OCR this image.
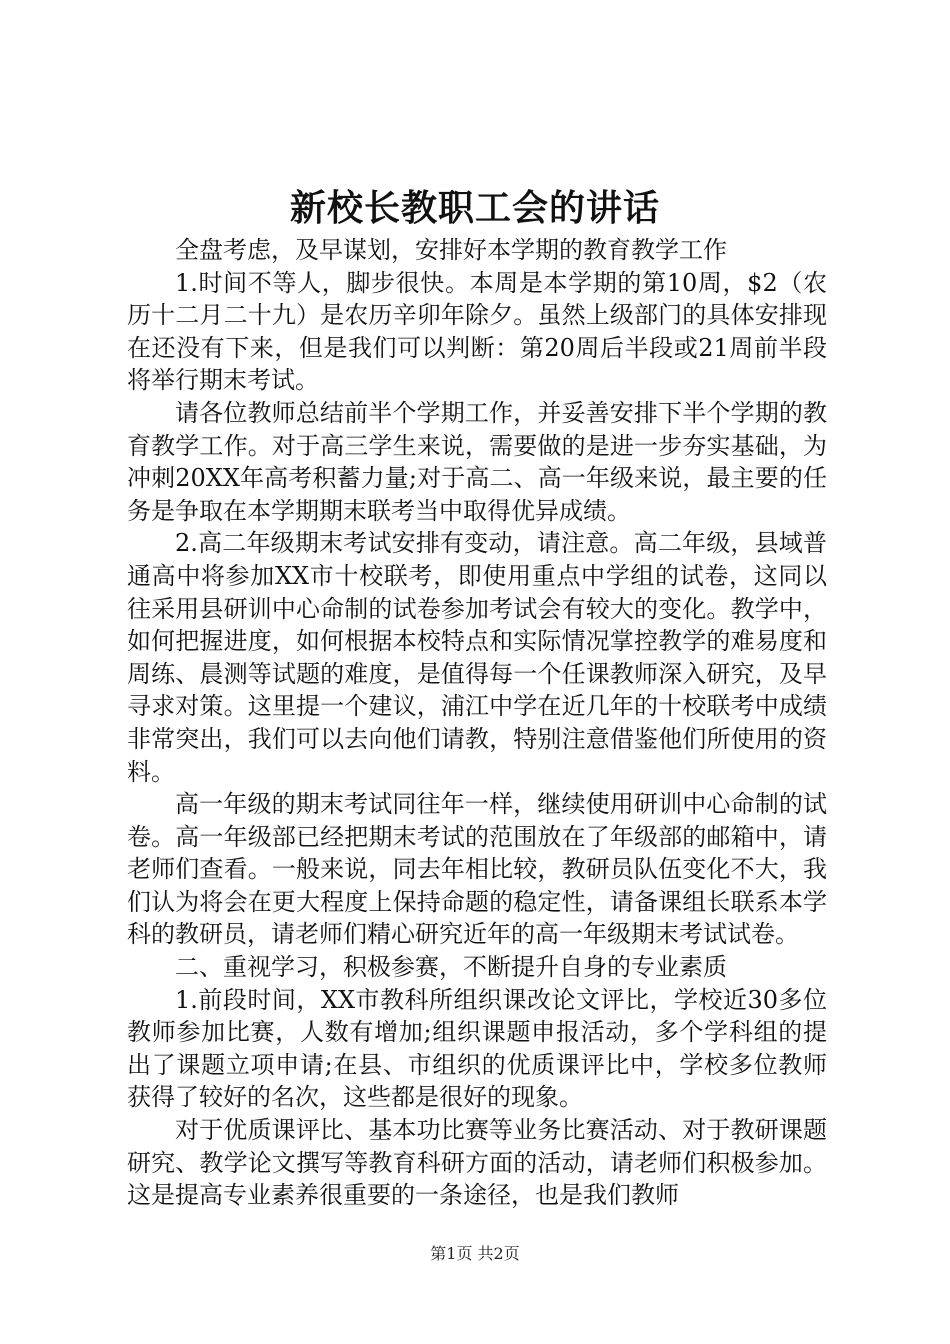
新校长教职工会的讲话

全盘考虑，及早谋划，安排好本学期的教育教学工作

1.时间不等人，脚步很快。本周是本学期的第10周，$2（农历十二月二十九）是农历辛卯年除夕。虽然上级部门的具体安排现在还没有下来，但是我们可以判断：第20周后半段或21周前半段将举行期末考试。

请各位教师总结前半个学期工作，并妥善安排下半个学期的教育教学工作。对于高三学生来说，需要做的是进一步夯实基础，为冲刺20XX年高考积蓄力量;对于高二、高一年级来说，最主要的任务是争取在本学期期末联考当中取得优异成绩。

2.高二年级期末考试安排有变动，请注意。高二年级，县域普通高中将参加XX市十校联考，即使用重点中学组的试卷，这同以往采用县研训中心命制的试卷参加考试会有较大的变化。教学中，如何把握进度，如何根据本校特点和实际情况掌控教学的难易度和周练、晨测等试题的难度，是值得每一个任课教师深入研究，及早寻求对策。这里提一个建议，浦江中学在近几年的十校联考中成绩非常突出，我们可以去向他们请教，特别注意借鉴他们所使用的资料。

高一年级的期末考试同往年一样，继续使用研训中心命制的试卷。高一年级部已经把期末考试的范围放在了年级部的邮箱中，请老师们查看。一般来说，同去年相比较，教研员队伍变化不大，我们认为将会在更大程度上保持命题的稳定性，请备课组长联系本学科的教研员，请老师们精心研究近年的高一年级期末考试试卷。

二、重视学习，积极参赛，不断提升自身的专业素质

1.前段时间，XX市教科所组织课改论文评比，学校近30多位教师参加比赛，人数有增加;组织课题申报活动，多个学科组的提出了课题立项申请;在县、市组织的优质课评比中，学校多位教师获得了较好的名次，这些都是很好的现象。

对于优质课评比、基本功比赛等业务比赛活动、对于教研课题研究、教学论文撰写等教育科研方面的活动，请老师们积极参加。这是提高专业素养很重要的一条途径，也是我们教师

第1页 共2页
